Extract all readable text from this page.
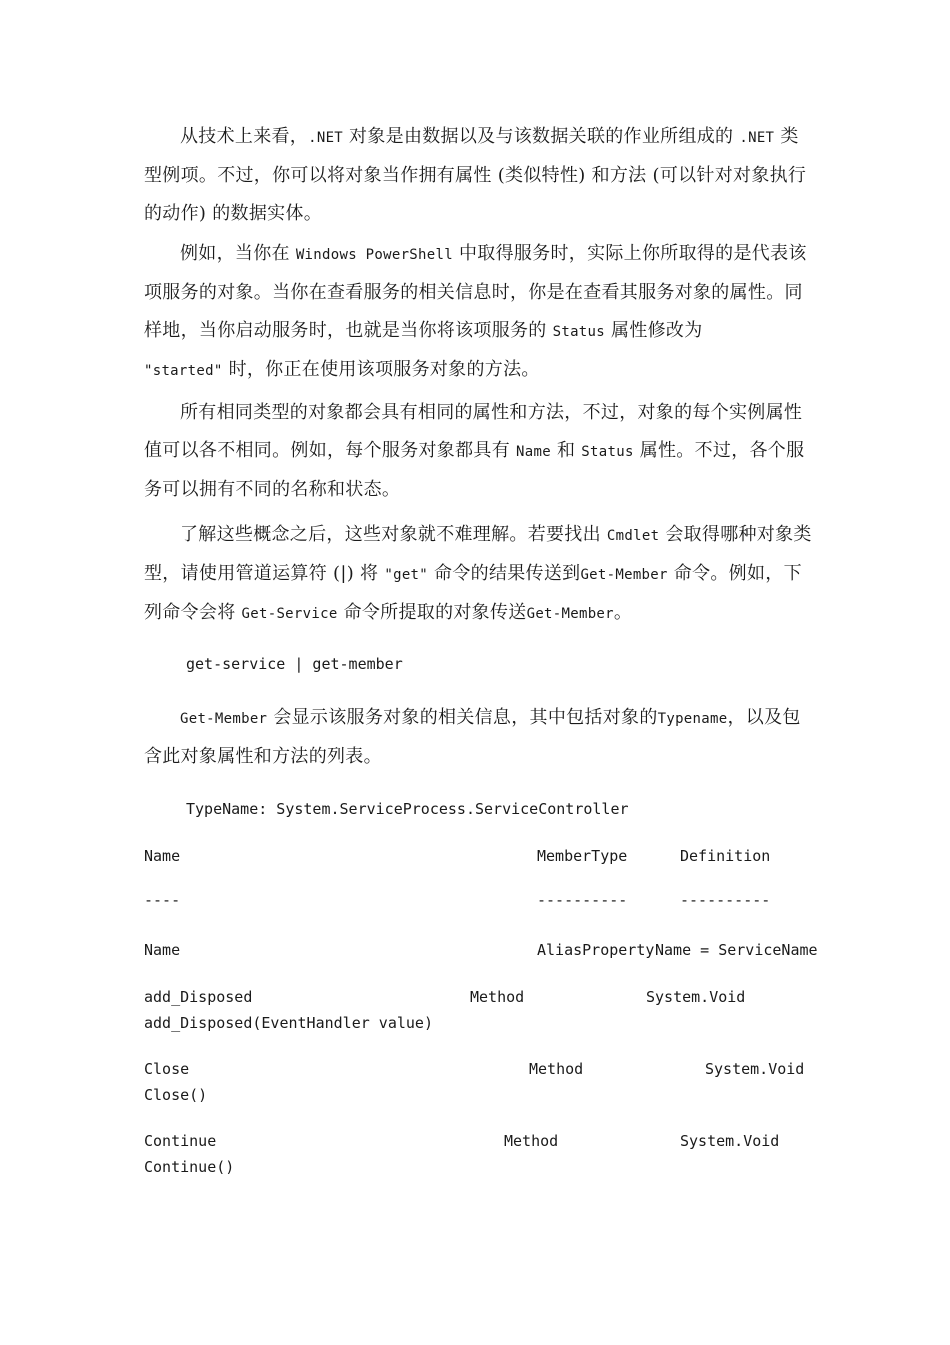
从技术上来看，.NET 对象是由数据以及与该数据关联的作业所组成的 .NET 类型例项。不过，你可以将对象当作拥有属性 (类似特性) 和方法 (可以针对对象执行的动作) 的数据实体。

例如，当你在 Windows PowerShell 中取得服务时，实际上你所取得的是代表该项服务的对象。当你在查看服务的相关信息时，你是在查看其服务对象的属性。同样地，当你启动服务时，也就是当你将该项服务的 Status 属性修改为
"started" 时，你正在使用该项服务对象的方法。

所有相同类型的对象都会具有相同的属性和方法，不过，对象的每个实例属性值可以各不相同。例如，每个服务对象都具有 Name 和 Status 属性。不过，各个服务可以拥有不同的名称和状态。

了解这些概念之后，这些对象就不难理解。若要找出 Cmdlet 会取得哪种对象类型，请使用管道运算符 (|) 将 "get" 命令的结果传送到Get-Member 命令。例如，下列命令会将 Get-Service 命令所提取的对象传送Get-Member。

get-service | get-member

Get-Member 会显示该服务对象的相关信息，其中包括对象的Typename，以及包含此对象属性和方法的列表。

TypeName: System.ServiceProcess.ServiceController
Name	MemberType	Definition
----	----------	----------
Name	AliasProperty Name = ServiceName
add_Disposed	Method	System.Void
add_Disposed(EventHandler value)
Close	Method	System.Void
Close()
Continue	Method	System.Void
Continue()
